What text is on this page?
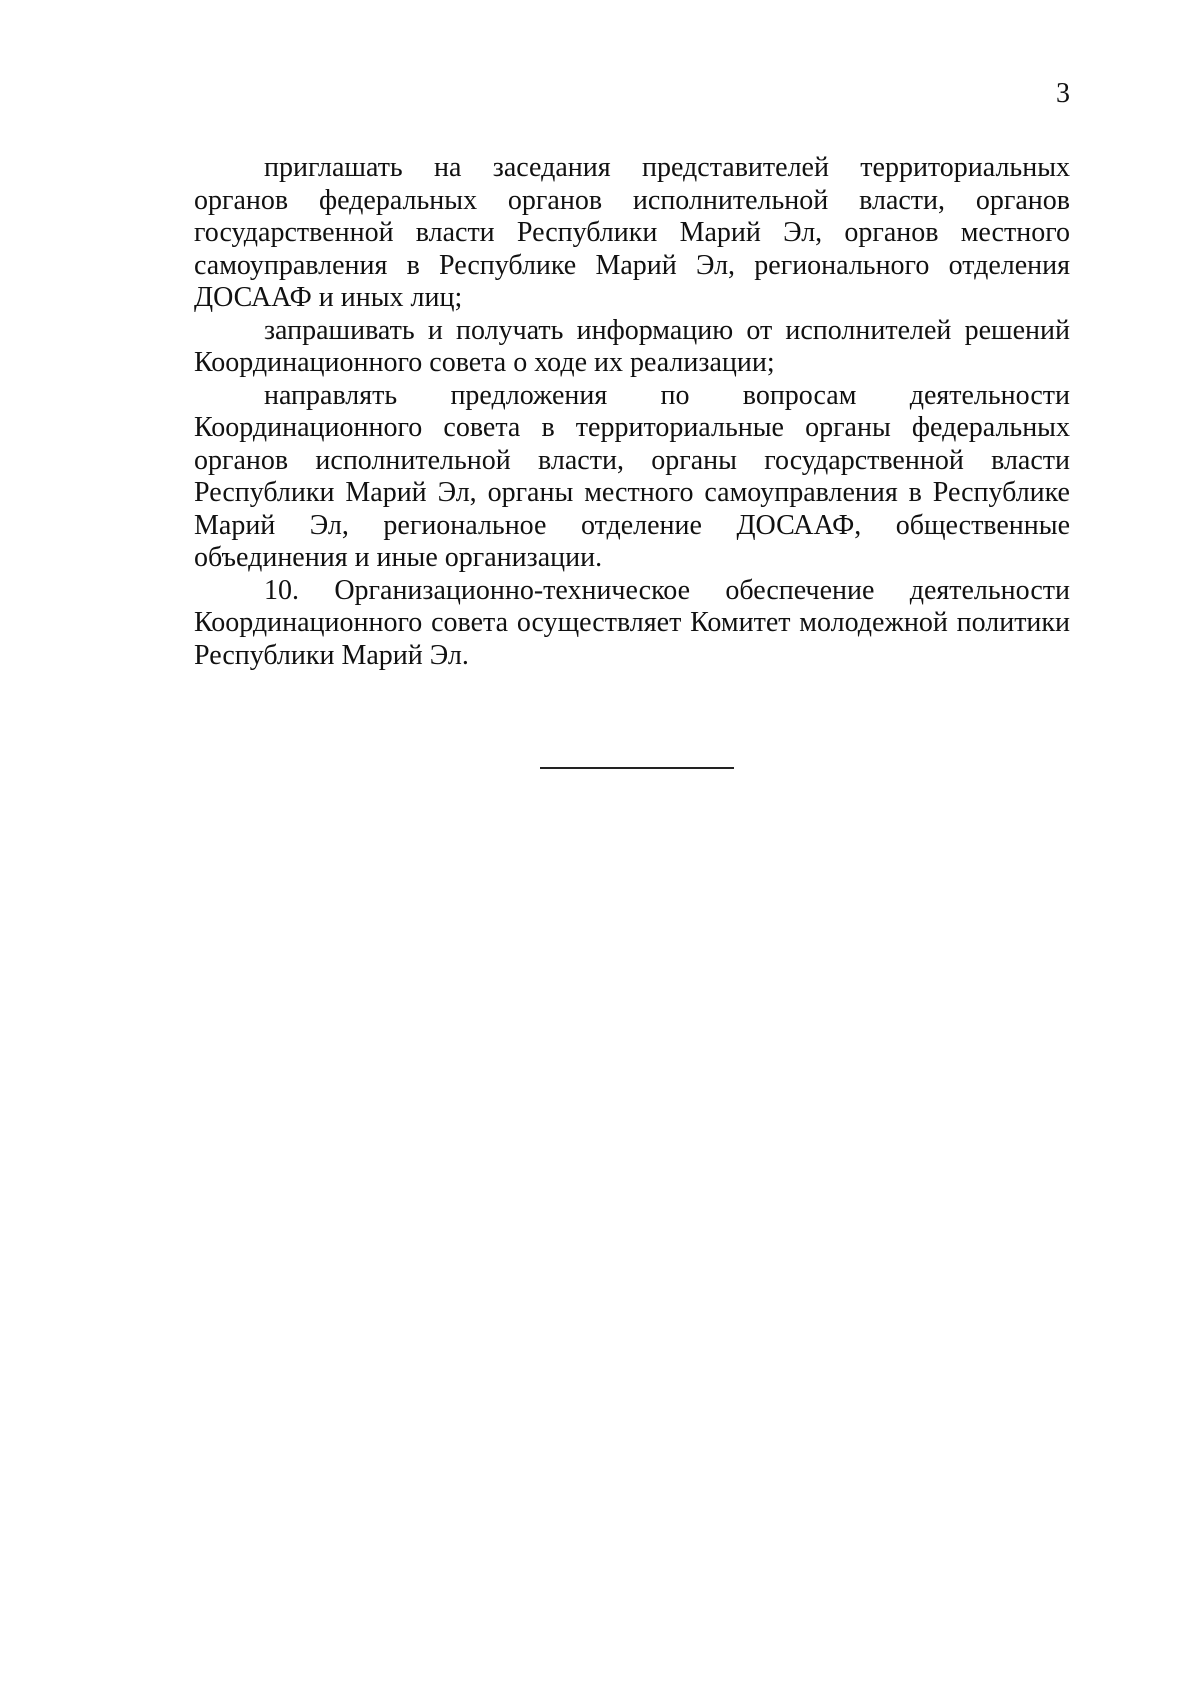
3

приглашать на заседания представителей территориальных
органов федеральных органов исполнительной власти, органов
государственной власти Республики Марий Эл, органов местного
самоуправления в Республике Марий Эл, регионального отделения
ДОСААФ и иных лиц;

запрашивать и получать информацию от исполнителей решений
Координационного совета о ходе их реализации;

направлять предложения по вопросам деятельности
Координационного совета в территориальные органы федеральных
органов исполнительной власти, органы государственной власти
Республики Марий Эл, органы местного самоуправления в Республике
Марий Эл, региональное отделение ДОСААФ, общественные
объединения и иные организации.

10. Организационно-техническое обеспечение деятельности
Координационного совета осуществляет Комитет молодежной политики
Республики Марий Эл.
